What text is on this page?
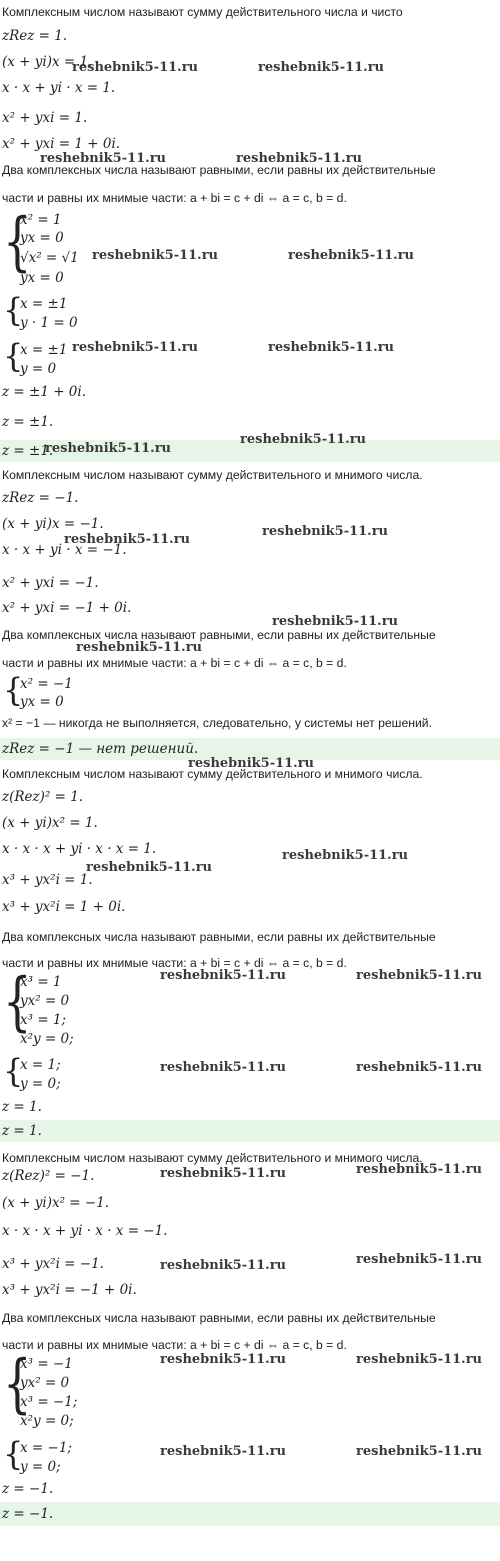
Комплексным числом называют сумму действительного числа и чисто
zRez = 1.
(x + yi)x = 1.
x · x + yi · x = 1.
x² + yxi = 1.
x² + yxi = 1 + 0i.
Два комплексных числа называют равными, если равны их действительные
части и равны их мнимые части: a + bi = c + di ⇔ a = c, b = d.
{
x² = 1
yx = 0
√x² = √1
yx = 0
{
x = ±1
y · 1 = 0
{
x = ±1
y = 0
z = ±1 + 0i.
z = ±1.
z = ±1.
Комплексным числом называют сумму действительного и мнимого числа.
zRez = −1.
(x + yi)x = −1.
x · x + yi · x = −1.
x² + yxi = −1.
x² + yxi = −1 + 0i.
Два комплексных числа называют равными, если равны их действительные
части и равны их мнимые части: a + bi = c + di ⇔ a = c, b = d.
{
x² = −1
yx = 0
x² = −1 — никогда не выполняется, следовательно, у системы нет решений.
zRez = −1 — нет решений.
Комплексным числом называют сумму действительного и мнимого числа.
z(Rez)² = 1.
(x + yi)x² = 1.
x · x · x + yi · x · x = 1.
x³ + yx²i = 1.
x³ + yx²i = 1 + 0i.
Два комплексных числа называют равными, если равны их действительные
части и равны их мнимые части: a + bi = c + di ⇔ a = c, b = d.
{
x³ = 1
yx² = 0
x³ = 1;
x²y = 0;
{
x = 1;
y = 0;
z = 1.
z = 1.
Комплексным числом называют сумму действительного и мнимого числа.
z(Rez)² = −1.
(x + yi)x² = −1.
x · x · x + yi · x · x = −1.
x³ + yx²i = −1.
x³ + yx²i = −1 + 0i.
Два комплексных числа называют равными, если равны их действительные
части и равны их мнимые части: a + bi = c + di ⇔ a = c, b = d.
{
x³ = −1
yx² = 0
x³ = −1;
x²y = 0;
{
x = −1;
y = 0;
z = −1.
z = −1.
reshebnik5-11.ru	reshebnik5-11.ru
reshebnik5-11.ru	reshebnik5-11.ru
reshebnik5-11.ru	reshebnik5-11.ru
reshebnik5-11.ru	reshebnik5-11.ru
reshebnik5-11.ru
reshebnik5-11.ru
reshebnik5-11.ru
reshebnik5-11.ru
reshebnik5-11.ru
reshebnik5-11.ru
reshebnik5-11.ru
reshebnik5-11.ru
reshebnik5-11.ru
reshebnik5-11.ru	reshebnik5-11.ru
reshebnik5-11.ru	reshebnik5-11.ru
reshebnik5-11.ru
reshebnik5-11.ru
reshebnik5-11.ru	reshebnik5-11.ru
reshebnik5-11.ru	reshebnik5-11.ru
reshebnik5-11.ru	reshebnik5-11.ru
